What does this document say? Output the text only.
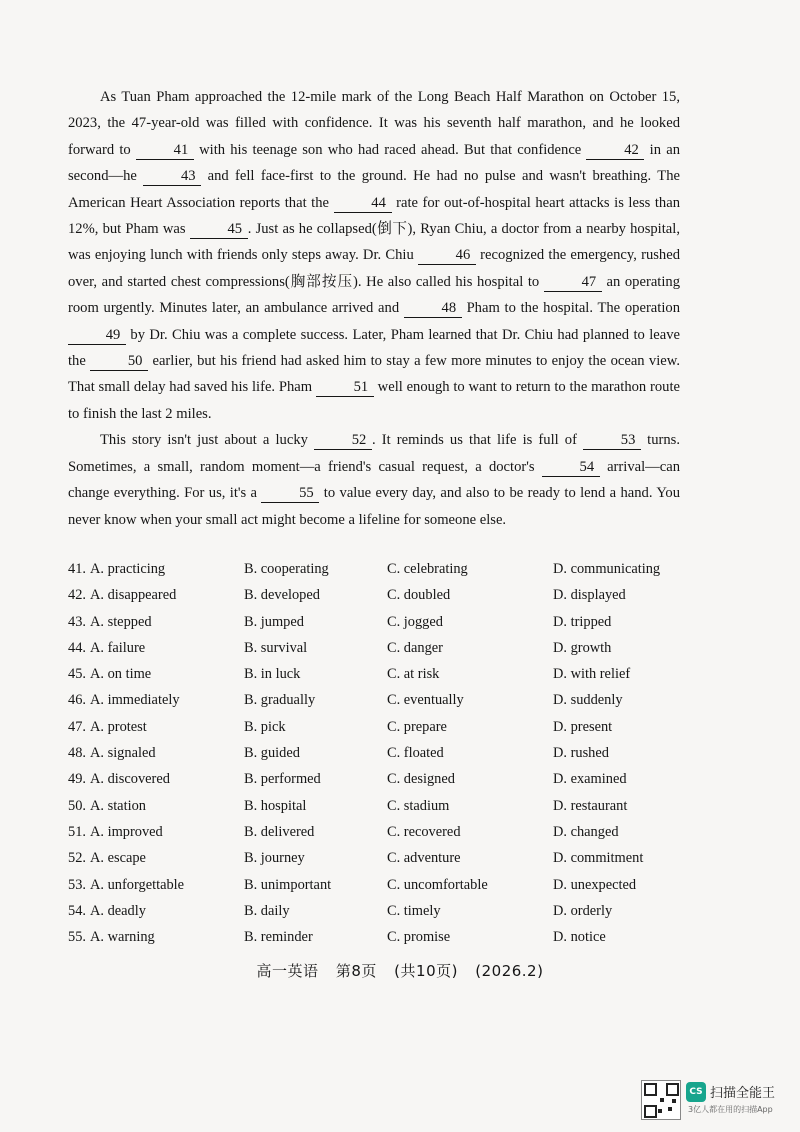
As Tuan Pham approached the 12-mile mark of the Long Beach Half Marathon on October 15, 2023, the 47-year-old was filled with confidence. It was his seventh half marathon, and he looked forward to	41 with his teenage son who had raced ahead. But that confidence	42 in an second—he	43 and fell face-first to the ground. He had no pulse and wasn't breathing. The American Heart Association reports that the	44 rate for out-of-hospital heart attacks is less than 12%, but Pham was	45 . Just as he collapsed(倒下), Ryan Chiu, a doctor from a nearby hospital, was enjoying lunch with friends only steps away. Dr. Chiu	46 recognized the emergency, rushed over, and started chest compressions(胸部按压). He also called his hospital to	47 an operating room urgently. Minutes later, an ambulance arrived and	48 Pham to the hospital. The operation 49 by Dr. Chiu was a complete success. Later, Pham learned that Dr. Chiu had planned to leave the	50 earlier, but his friend had asked him to stay a few more minutes to enjoy the ocean view. That small delay had saved his life. Pham	51 well enough to want to return to the marathon route to finish the last 2 miles.

This story isn't just about a lucky	52 . It reminds us that life is full of	53 turns. Sometimes, a small, random moment—a friend's casual request, a doctor's	54 arrival—can change everything. For us, it's a	55 to value every day, and also to be ready to lend a hand. You never know when your small act might become a lifeline for someone else.

41. A. practicing	B. cooperating	C. celebrating	D. communicating
42. A. disappeared	B. developed	C. doubled	D. displayed
43. A. stepped	B. jumped	C. jogged	D. tripped
44. A. failure	B. survival	C. danger	D. growth
45. A. on time	B. in luck	C. at risk	D. with relief
46. A. immediately	B. gradually	C. eventually	D. suddenly
47. A. protest	B. pick	C. prepare	D. present
48. A. signaled	B. guided	C. floated	D. rushed
49. A. discovered	B. performed	C. designed	D. examined
50. A. station	B. hospital	C. stadium	D. restaurant
51. A. improved	B. delivered	C. recovered	D. changed
52. A. escape	B. journey	C. adventure	D. commitment
53. A. unforgettable	B. unimportant	C. uncomfortable	D. unexpected
54. A. deadly	B. daily	C. timely	D. orderly
55. A. warning	B. reminder	C. promise	D. notice
高一英语 第8页 (共10页) (2026.2)
CS 扫描全能王
3亿人都在用的扫描App
